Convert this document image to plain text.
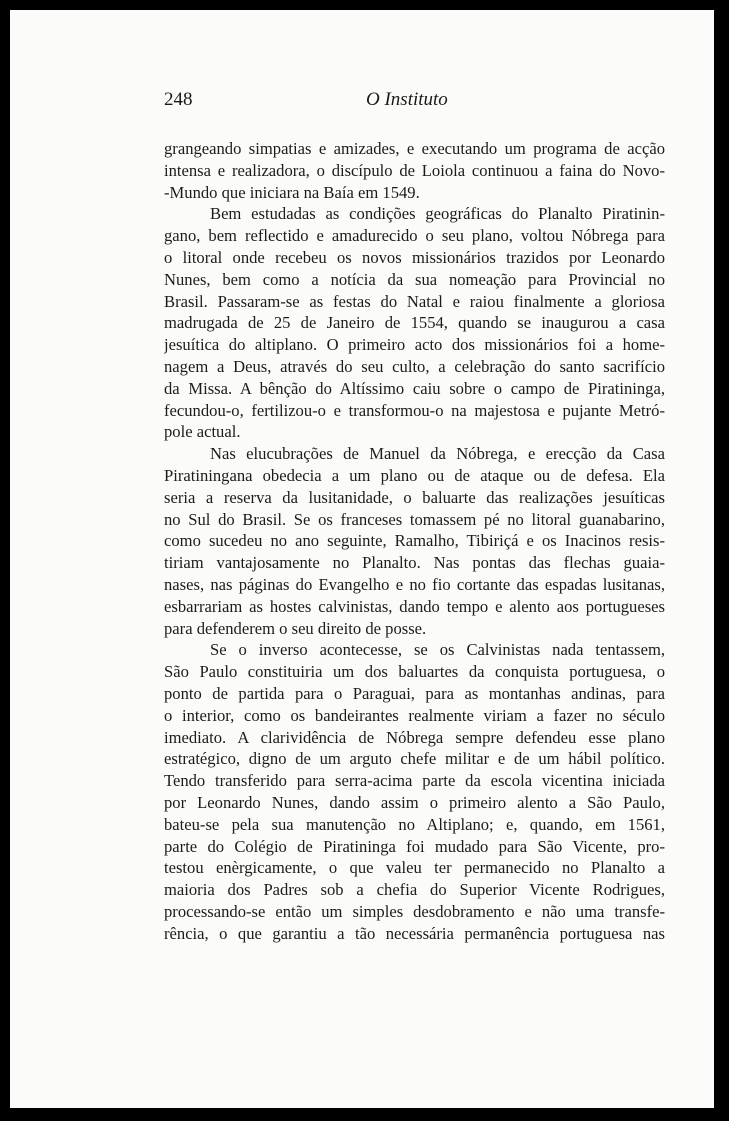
248	O Instituto
grangeando simpatias e amizades, e executando um programa de acção
intensa e realizadora, o discípulo de Loiola continuou a faina do Novo-
-Mundo que iniciara na Baía em 1549.
Bem estudadas as condições geográficas do Planalto Piratinin-
gano, bem reflectido e amadurecido o seu plano, voltou Nóbrega para
o litoral onde recebeu os novos missionários trazidos por Leonardo
Nunes, bem como a notícia da sua nomeação para Provincial no
Brasil. Passaram-se as festas do Natal e raiou finalmente a gloriosa
madrugada de 25 de Janeiro de 1554, quando se inaugurou a casa
jesuítica do altiplano. O primeiro acto dos missionários foi a home-
nagem a Deus, através do seu culto, a celebração do santo sacrifício
da Missa. A bênção do Altíssimo caiu sobre o campo de Piratininga,
fecundou-o, fertilizou-o e transformou-o na majestosa e pujante Metró-
pole actual.
Nas elucubrações de Manuel da Nóbrega, e erecção da Casa
Piratiningana obedecia a um plano ou de ataque ou de defesa. Ela
seria a reserva da lusitanidade, o baluarte das realizações jesuíticas
no Sul do Brasil. Se os franceses tomassem pé no litoral guanabarino,
como sucedeu no ano seguinte, Ramalho, Tibiriçá e os Inacinos resis-
tiriam vantajosamente no Planalto. Nas pontas das flechas guaia-
nases, nas páginas do Evangelho e no fio cortante das espadas lusitanas,
esbarrariam as hostes calvinistas, dando tempo e alento aos portugueses
para defenderem o seu direito de posse.
Se o inverso acontecesse, se os Calvinistas nada tentassem,
São Paulo constituiria um dos baluartes da conquista portuguesa, o
ponto de partida para o Paraguai, para as montanhas andinas, para
o interior, como os bandeirantes realmente viriam a fazer no século
imediato. A clarividência de Nóbrega sempre defendeu esse plano
estratégico, digno de um arguto chefe militar e de um hábil político.
Tendo transferido para serra-acima parte da escola vicentina iniciada
por Leonardo Nunes, dando assim o primeiro alento a São Paulo,
bateu-se pela sua manutenção no Altiplano; e, quando, em 1561,
parte do Colégio de Piratininga foi mudado para São Vicente, pro-
testou enèrgicamente, o que valeu ter permanecido no Planalto a
maioria dos Padres sob a chefia do Superior Vicente Rodrigues,
processando-se então um simples desdobramento e não uma transfe-
rência, o que garantiu a tão necessária permanência portuguesa nas
